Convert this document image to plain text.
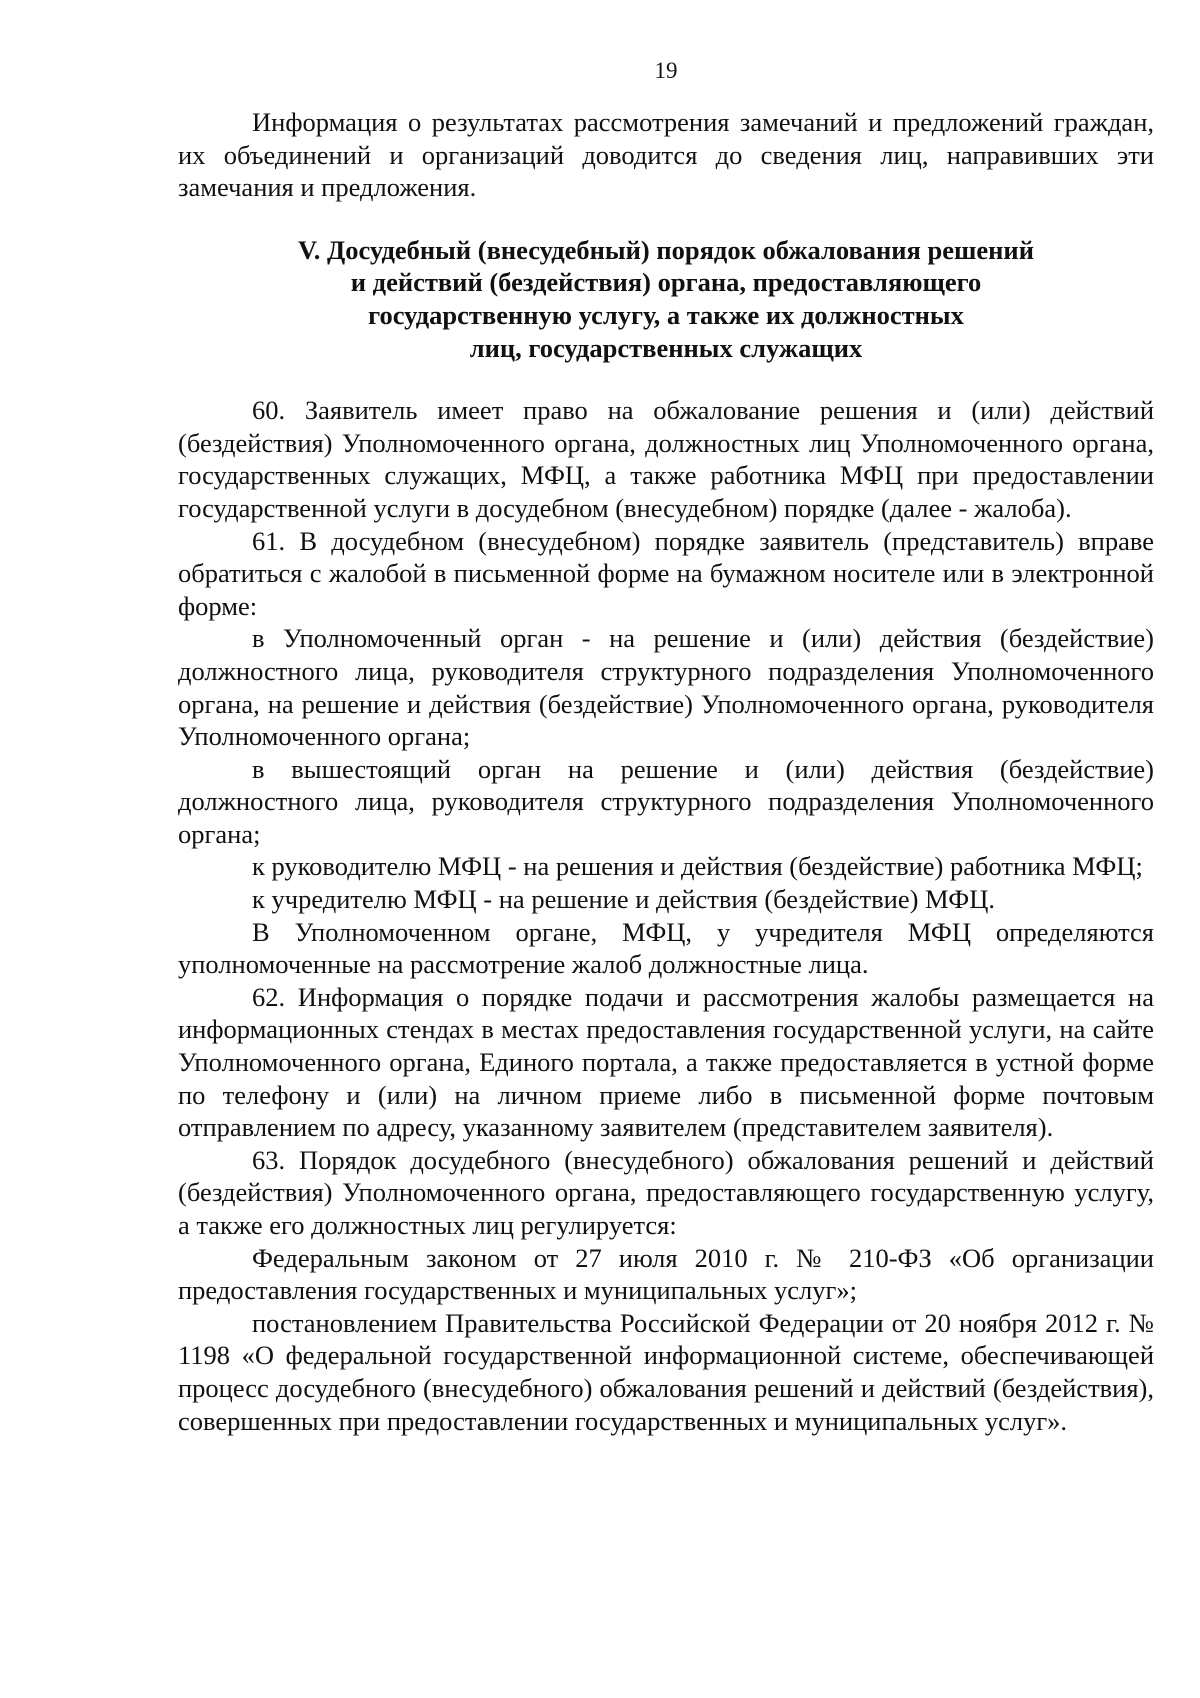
19

Информация о результатах рассмотрения замечаний и предложений граждан, их объединений и организаций доводится до сведения лиц, направивших эти замечания и предложения.

V. Досудебный (внесудебный) порядок обжалования решений
и действий (бездействия) органа, предоставляющего
государственную услугу, а также их должностных
лиц, государственных служащих

60. Заявитель имеет право на обжалование решения и (или) действий (бездействия) Уполномоченного органа, должностных лиц Уполномоченного органа, государственных служащих, МФЦ, а также работника МФЦ при предоставлении государственной услуги в досудебном (внесудебном) порядке (далее - жалоба).

61. В досудебном (внесудебном) порядке заявитель (представитель) вправе обратиться с жалобой в письменной форме на бумажном носителе или в электронной форме:

в Уполномоченный орган - на решение и (или) действия (бездействие) должностного лица, руководителя структурного подразделения Уполномоченного органа, на решение и действия (бездействие) Уполномоченного органа, руководителя Уполномоченного органа;

в вышестоящий орган на решение и (или) действия (бездействие) должностного лица, руководителя структурного подразделения Уполномоченного органа;

к руководителю МФЦ - на решения и действия (бездействие) работника МФЦ;

к учредителю МФЦ - на решение и действия (бездействие) МФЦ.

В Уполномоченном органе, МФЦ, у учредителя МФЦ определяются уполномоченные на рассмотрение жалоб должностные лица.

62. Информация о порядке подачи и рассмотрения жалобы размещается на информационных стендах в местах предоставления государственной услуги, на сайте Уполномоченного органа, Единого портала, а также предоставляется в устной форме по телефону и (или) на личном приеме либо в письменной форме почтовым отправлением по адресу, указанному заявителем (представителем заявителя).

63. Порядок досудебного (внесудебного) обжалования решений и действий (бездействия) Уполномоченного органа, предоставляющего государственную услугу, а также его должностных лиц регулируется:

Федеральным законом от 27 июля 2010 г. № 210-ФЗ «Об организации предоставления государственных и муниципальных услуг»;

постановлением Правительства Российской Федерации от 20 ноября 2012 г. № 1198 «О федеральной государственной информационной системе, обеспечивающей процесс досудебного (внесудебного) обжалования решений и действий (бездействия), совершенных при предоставлении государственных и муниципальных услуг».
